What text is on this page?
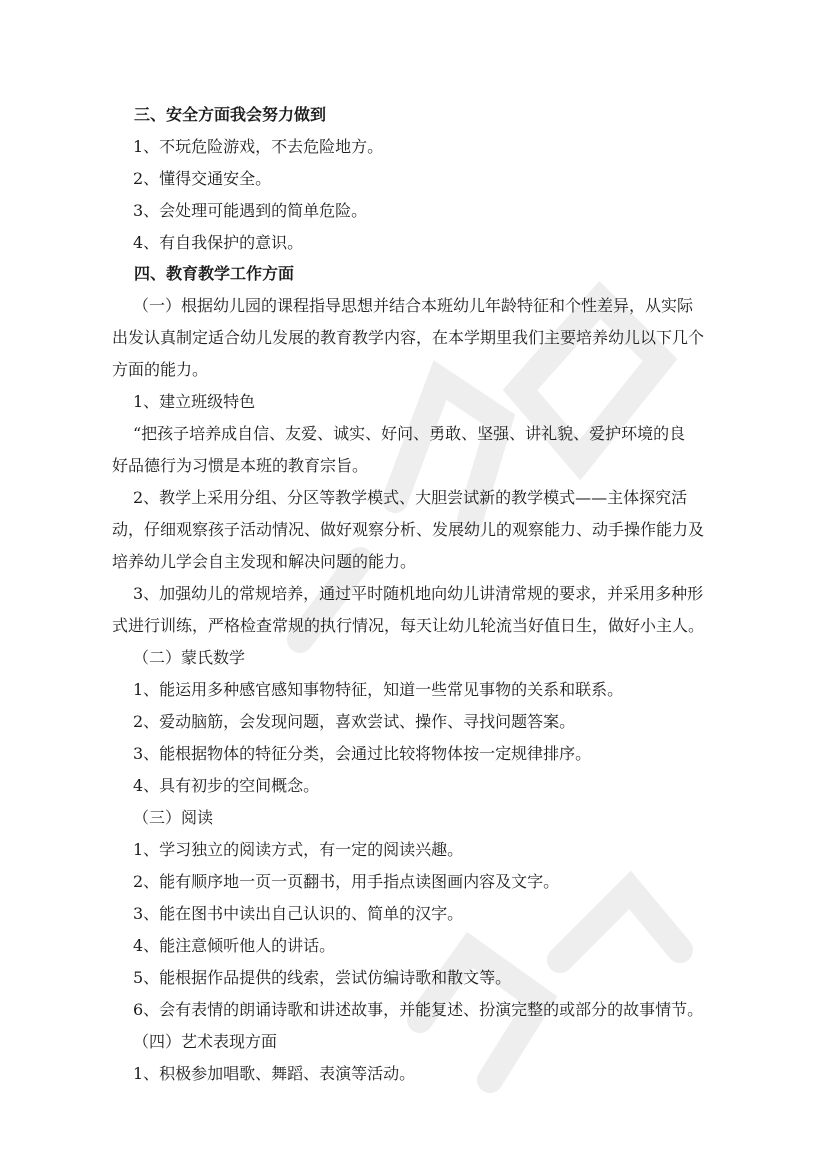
三、安全方面我会努力做到
1、不玩危险游戏，不去危险地方。
2、懂得交通安全。
3、会处理可能遇到的简单危险。
4、有自我保护的意识。
四、教育教学工作方面
（一）根据幼儿园的课程指导思想并结合本班幼儿年龄特征和个性差异，从实际
出发认真制定适合幼儿发展的教育教学内容，在本学期里我们主要培养幼儿以下几个
方面的能力。
1、建立班级特色
“把孩子培养成自信、友爱、诚实、好问、勇敢、坚强、讲礼貌、爱护环境的良
好品德行为习惯是本班的教育宗旨。
2、教学上采用分组、分区等教学模式、大胆尝试新的教学模式——主体探究活
动，仔细观察孩子活动情况、做好观察分析、发展幼儿的观察能力、动手操作能力及
培养幼儿学会自主发现和解决问题的能力。
3、加强幼儿的常规培养，通过平时随机地向幼儿讲清常规的要求，并采用多种形
式进行训练，严格检查常规的执行情况，每天让幼儿轮流当好值日生，做好小主人。
（二）蒙氏数学
1、能运用多种感官感知事物特征，知道一些常见事物的关系和联系。
2、爱动脑筋，会发现问题，喜欢尝试、操作、寻找问题答案。
3、能根据物体的特征分类，会通过比较将物体按一定规律排序。
4、具有初步的空间概念。
（三）阅读
1、学习独立的阅读方式，有一定的阅读兴趣。
2、能有顺序地一页一页翻书，用手指点读图画内容及文字。
3、能在图书中读出自己认识的、简单的汉字。
4、能注意倾听他人的讲话。
5、能根据作品提供的线索，尝试仿编诗歌和散文等。
6、会有表情的朗诵诗歌和讲述故事，并能复述、扮演完整的或部分的故事情节。
（四）艺术表现方面
1、积极参加唱歌、舞蹈、表演等活动。
